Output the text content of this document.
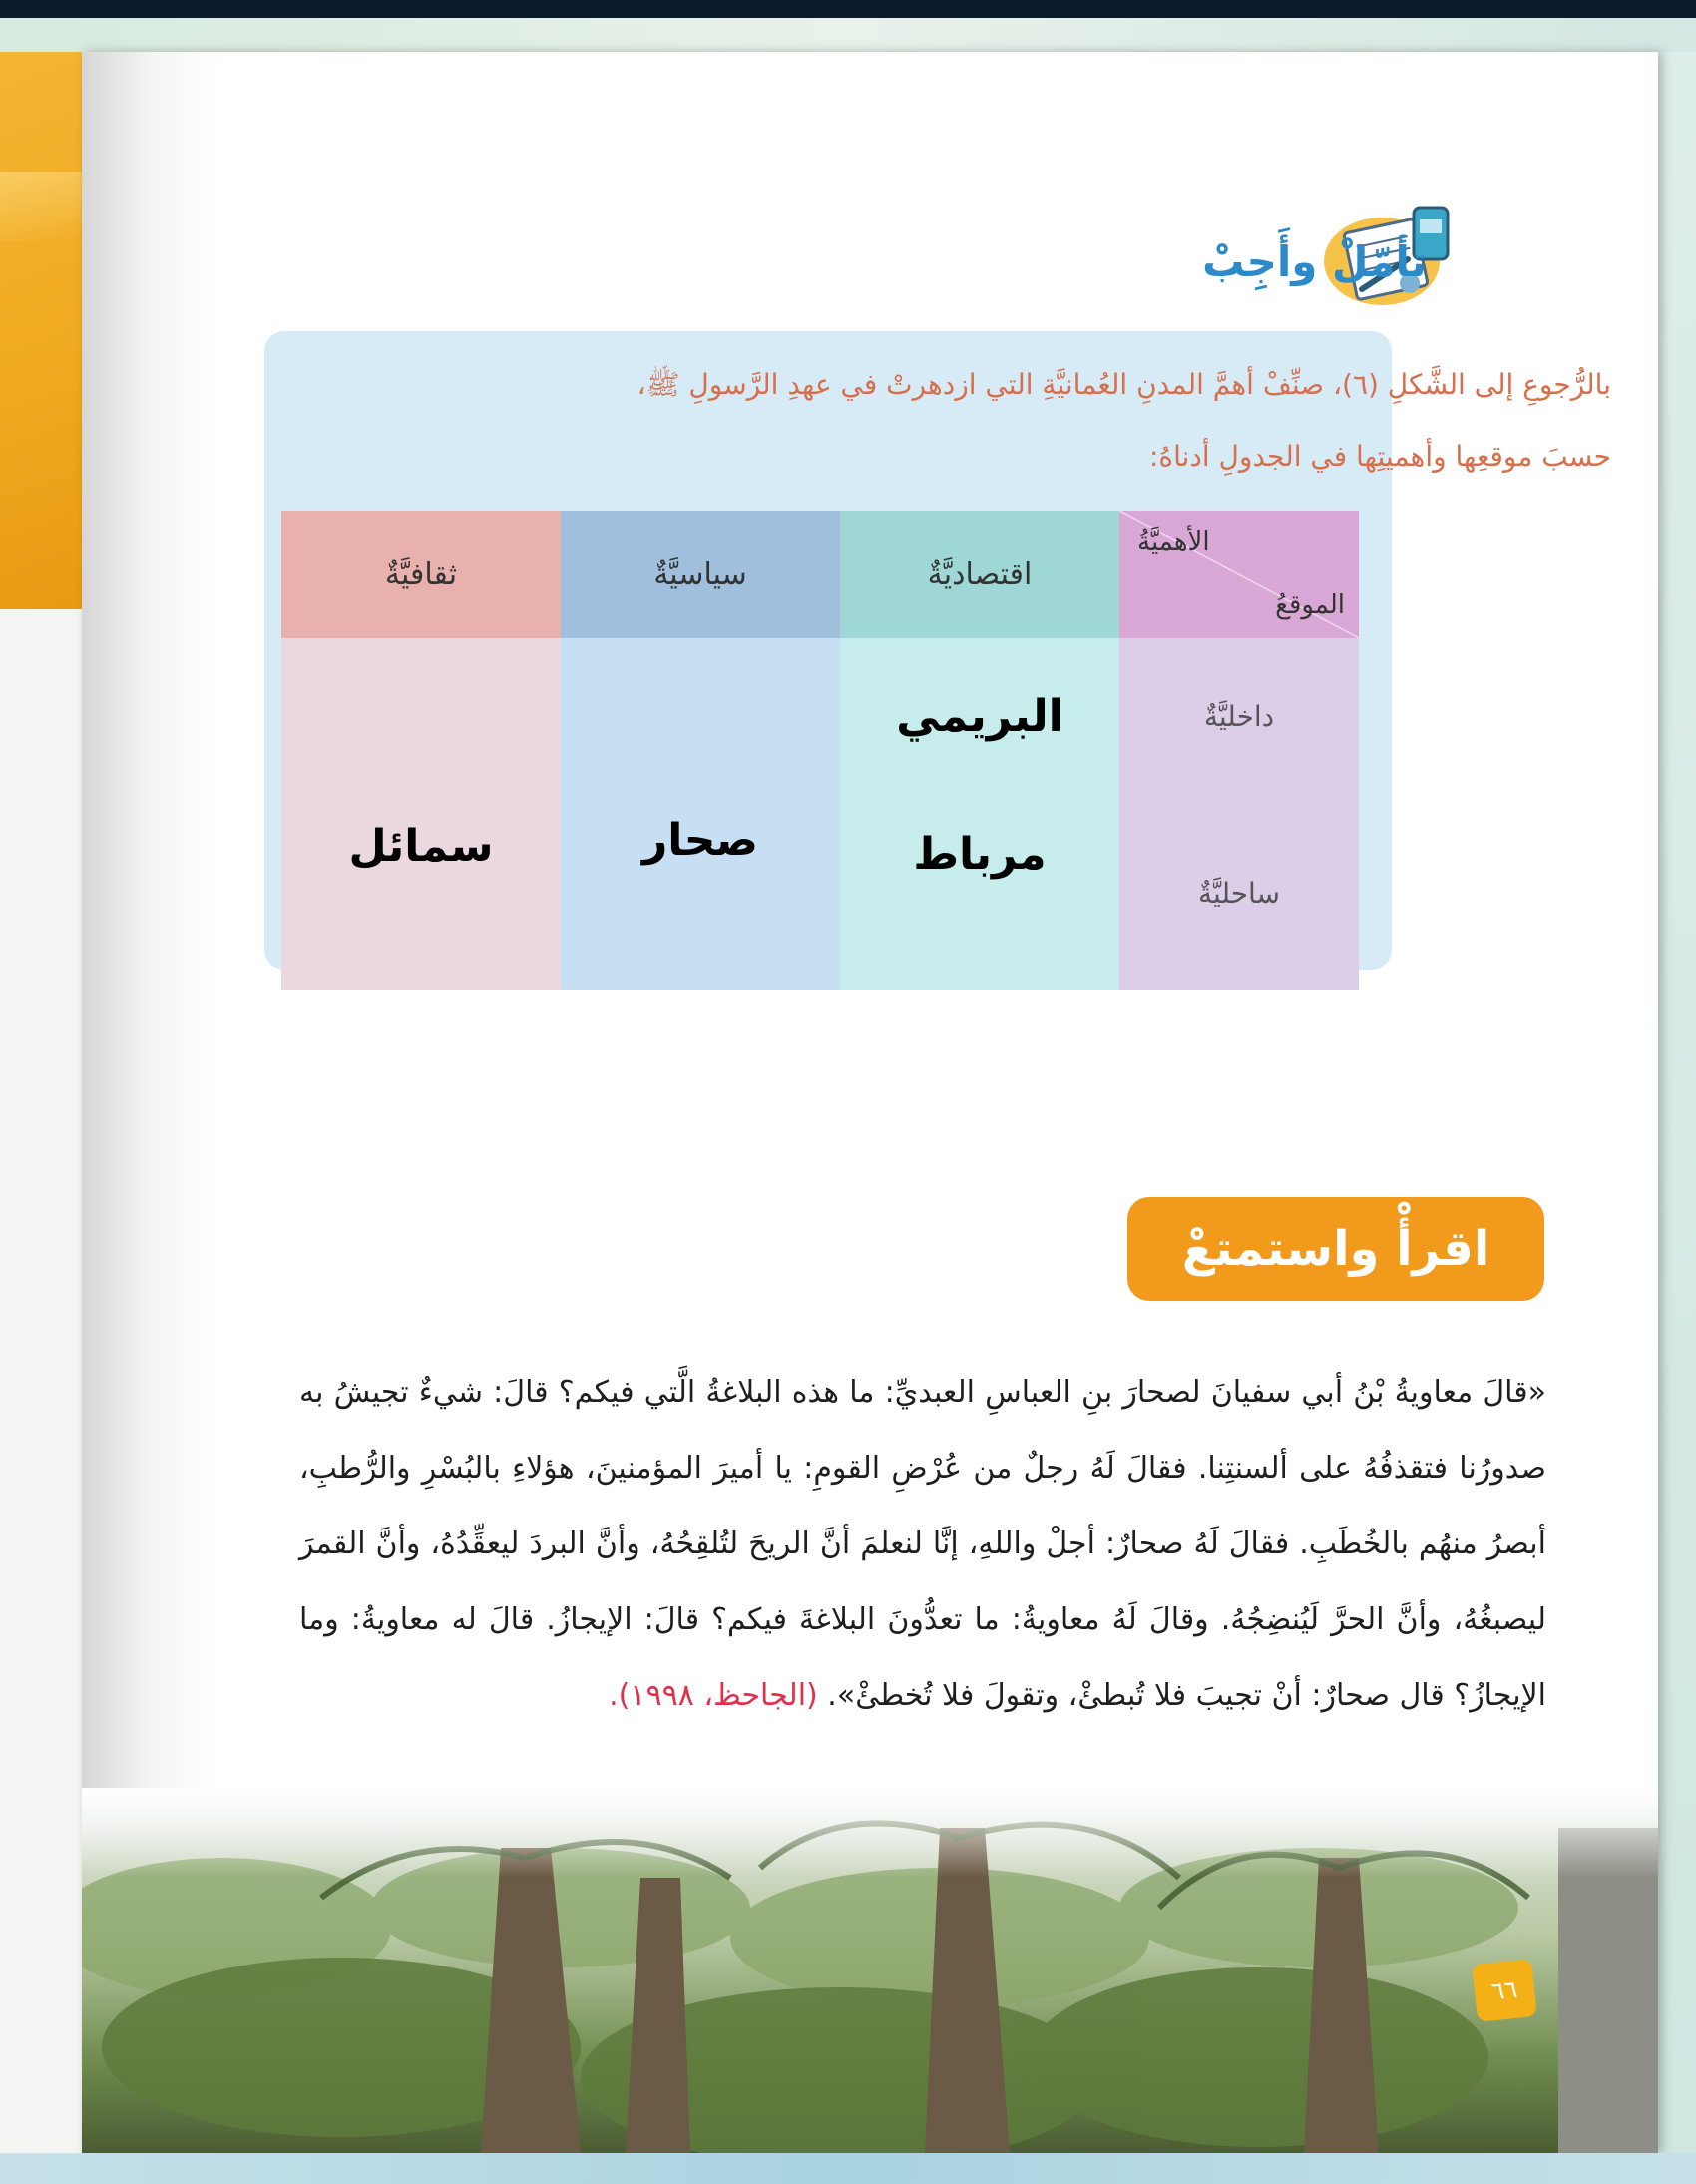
تأمّلْ وأَجِبْ
بالرُّجوعِ إلى الشَّكلِ (٦)، صنِّفْ أهمَّ المدنِ العُمانيَّةِ التي ازدهرتْ في عهدِ الرَّسولِ ﷺ، حسبَ موقعِها وأهميتِها في الجدولِ أدناهُ:
ثقافيَّةٌ	سياسيَّةٌ	اقتصاديَّةٌ	الأهميَّةُ
الموقعُ

		البريمي	داخليَّةٌ
سمائل	صحار	مرباط	ساحليَّةٌ
اقرأْ واستمتعْ
«قالَ معاويةُ بْنُ أبي سفيانَ لصحارَ بنِ العباسِ العبديِّ: ما هذه البلاغةُ الَّتي فيكم؟ قالَ: شيءٌ تجيشُ به صدورُنا فتقذفُهُ على ألسنتِنا. فقالَ لَهُ رجلٌ من عُرْضِ القومِ: يا أميرَ المؤمنينَ، هؤلاءِ بالبُسْرِ والرُّطبِ، أبصرُ منهُم بالخُطَبِ. فقالَ لَهُ صحارٌ: أجلْ واللهِ، إنَّا لنعلمَ أنَّ الريحَ لتُلقِحُهُ، وأنَّ البردَ ليعقِّدُهُ، وأنَّ القمرَ ليصبغُهُ، وأنَّ الحرَّ لَيُنضِجُهُ. وقالَ لَهُ معاويةُ: ما تعدُّونَ البلاغةَ فيكم؟ قالَ: الإيجازُ. قالَ له معاويةُ: وما الإيجازُ؟ قال صحارٌ: أنْ تجيبَ فلا تُبطئْ، وتقولَ فلا تُخطئْ». (الجاحظ، ١٩٩٨).
٦٦
